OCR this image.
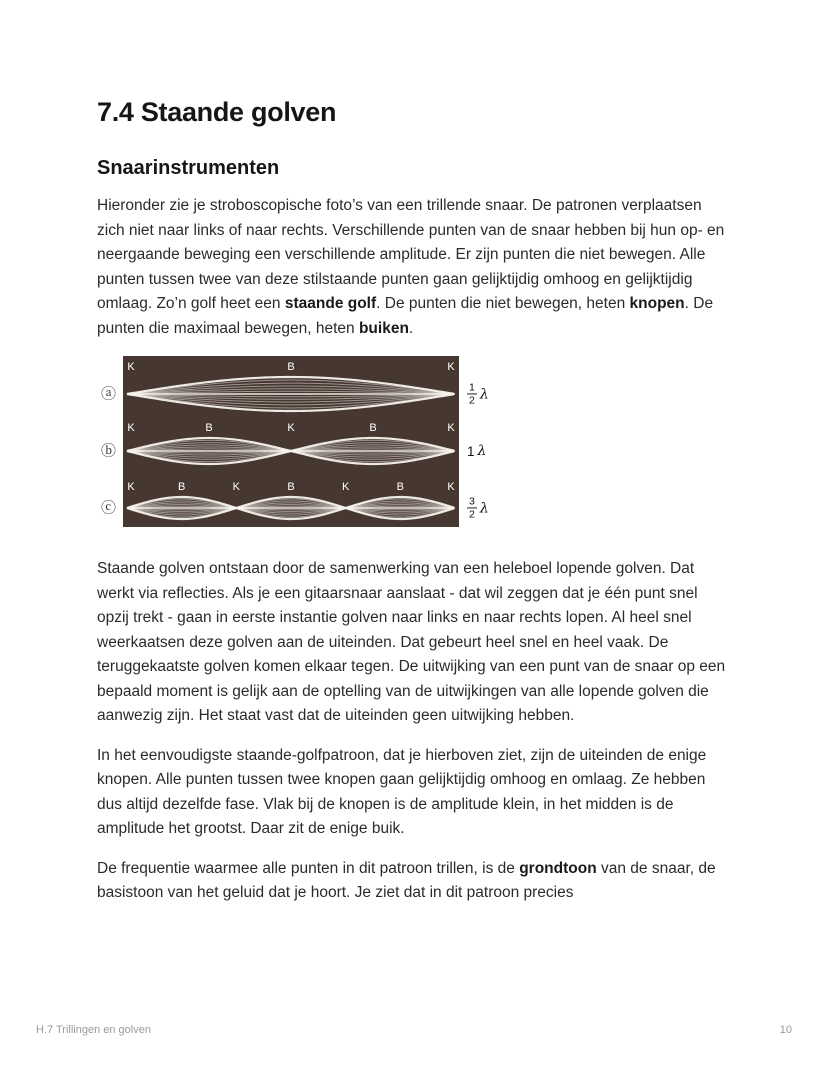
7.4 Staande golven
Snaarinstrumenten
Hieronder zie je stroboscopische foto’s van een trillende snaar. De patronen verplaatsen zich niet naar links of naar rechts. Verschillende punten van de snaar hebben bij hun op- en neergaande beweging een verschillende amplitude. Er zijn punten die niet bewegen. Alle punten tussen twee van deze stilstaande punten gaan gelijktijdig omhoog en gelijktijdig omlaag. Zo’n golf heet een staande golf. De punten die niet bewegen, heten knopen. De punten die maximaal bewegen, heten buiken.
ⓐ
K	B	K
$\frac{1}{2}$ λ
ⓑ
K	B	K	B	K
1 λ
ⓒ
K	B	K	B	K	B	K
$\frac{3}{2}$ λ
Staande golven ontstaan door de samenwerking van een heleboel lopende golven. Dat werkt via reflecties. Als je een gitaarsnaar aanslaat - dat wil zeggen dat je één punt snel opzij trekt - gaan in eerste instantie golven naar links en naar rechts lopen. Al heel snel weerkaatsen deze golven aan de uiteinden. Dat gebeurt heel snel en heel vaak. De teruggekaatste golven komen elkaar tegen. De uitwijking van een punt van de snaar op een bepaald moment is gelijk aan de optelling van de uitwijkingen van alle lopende golven die aanwezig zijn. Het staat vast dat de uiteinden geen uitwijking hebben.
In het eenvoudigste staande-golfpatroon, dat je hierboven ziet, zijn de uiteinden de enige knopen. Alle punten tussen twee knopen gaan gelijktijdig omhoog en omlaag. Ze hebben dus altijd dezelfde fase. Vlak bij de knopen is de amplitude klein, in het midden is de amplitude het grootst. Daar zit de enige buik.
De frequentie waarmee alle punten in dit patroon trillen, is de grondtoon van de snaar, de basistoon van het geluid dat je hoort. Je ziet dat in dit patroon precies
H.7 Trillingen en golven	10
